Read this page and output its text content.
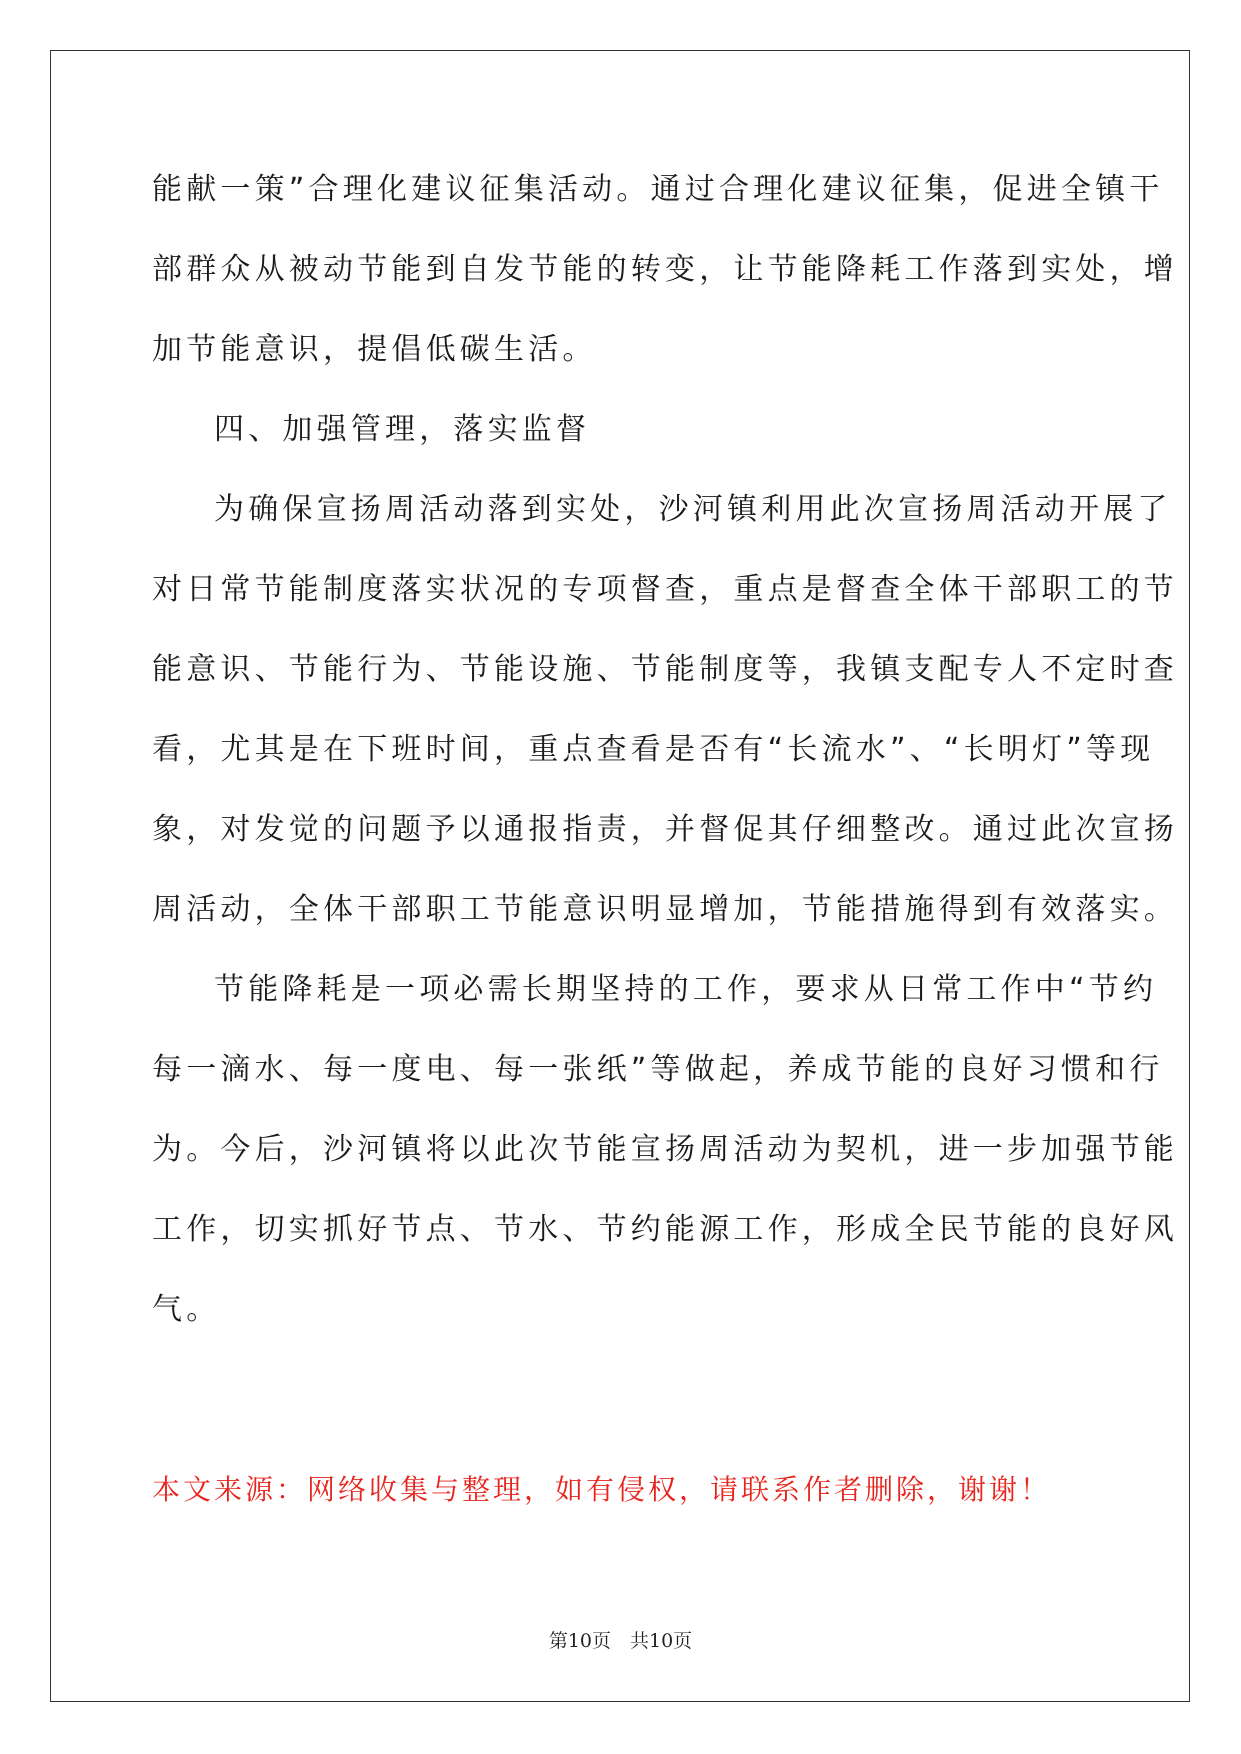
能献一策”合理化建议征集活动。通过合理化建议征集，促进全镇干
部群众从被动节能到自发节能的转变，让节能降耗工作落到实处，增
加节能意识，提倡低碳生活。
四、加强管理，落实监督
为确保宣扬周活动落到实处，沙河镇利用此次宣扬周活动开展了
对日常节能制度落实状况的专项督查，重点是督查全体干部职工的节
能意识、节能行为、节能设施、节能制度等，我镇支配专人不定时查
看，尤其是在下班时间，重点查看是否有“长流水”、“长明灯”等现
象，对发觉的问题予以通报指责，并督促其仔细整改。通过此次宣扬
周活动，全体干部职工节能意识明显增加，节能措施得到有效落实。
节能降耗是一项必需长期坚持的工作，要求从日常工作中“节约
每一滴水、每一度电、每一张纸”等做起，养成节能的良好习惯和行
为。今后，沙河镇将以此次节能宣扬周活动为契机，进一步加强节能
工作，切实抓好节点、节水、节约能源工作，形成全民节能的良好风
气。
本文来源：网络收集与整理，如有侵权，请联系作者删除，谢谢！
第10页　共10页
